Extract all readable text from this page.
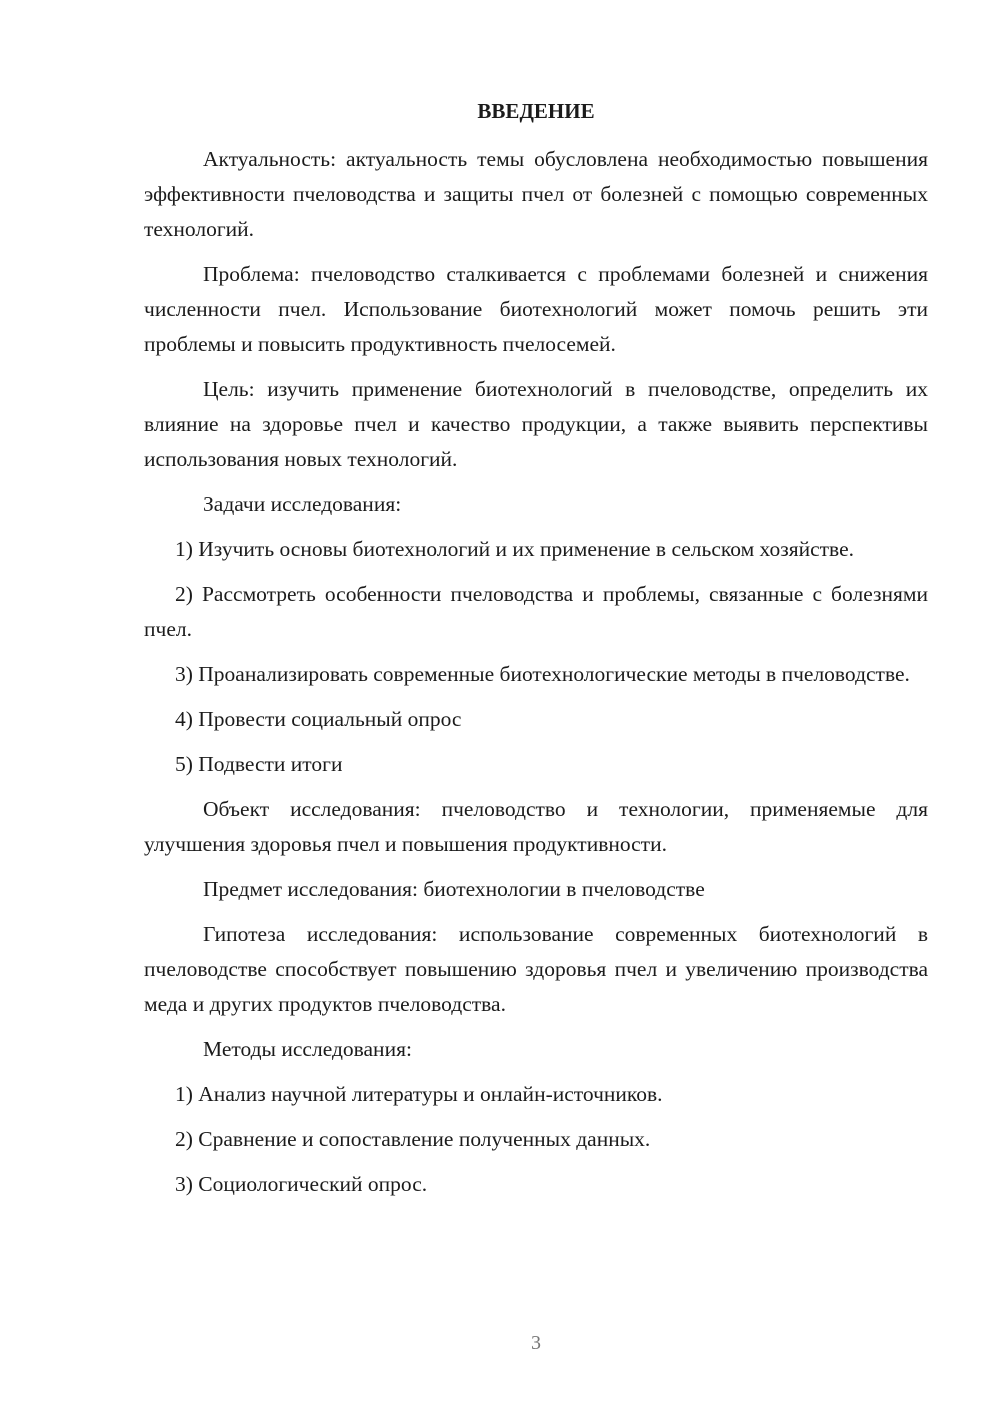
ВВЕДЕНИЕ

Актуальность: актуальность темы обусловлена необходимостью повышения эффективности пчеловодства и защиты пчел от болезней с помощью современных технологий.

Проблема: пчеловодство сталкивается с проблемами болезней и снижения численности пчел. Использование биотехнологий может помочь решить эти проблемы и повысить продуктивность пчелосемей.

Цель: изучить применение биотехнологий в пчеловодстве, определить их влияние на здоровье пчел и качество продукции, а также выявить перспективы использования новых технологий.

Задачи исследования:

1) Изучить основы биотехнологий и их применение в сельском хозяйстве.

2) Рассмотреть особенности пчеловодства и проблемы, связанные с болезнями пчел.

3) Проанализировать современные биотехнологические методы в пчеловодстве.

4) Провести социальный опрос

5) Подвести итоги

Объект исследования: пчеловодство и технологии, применяемые для улучшения здоровья пчел и повышения продуктивности.

Предмет исследования: биотехнологии в пчеловодстве

Гипотеза исследования: использование современных биотехнологий в пчеловодстве способствует повышению здоровья пчел и увеличению производства меда и других продуктов пчеловодства.

Методы исследования:

1) Анализ научной литературы и онлайн-источников.

2) Сравнение и сопоставление полученных данных.

3) Социологический опрос.

3
